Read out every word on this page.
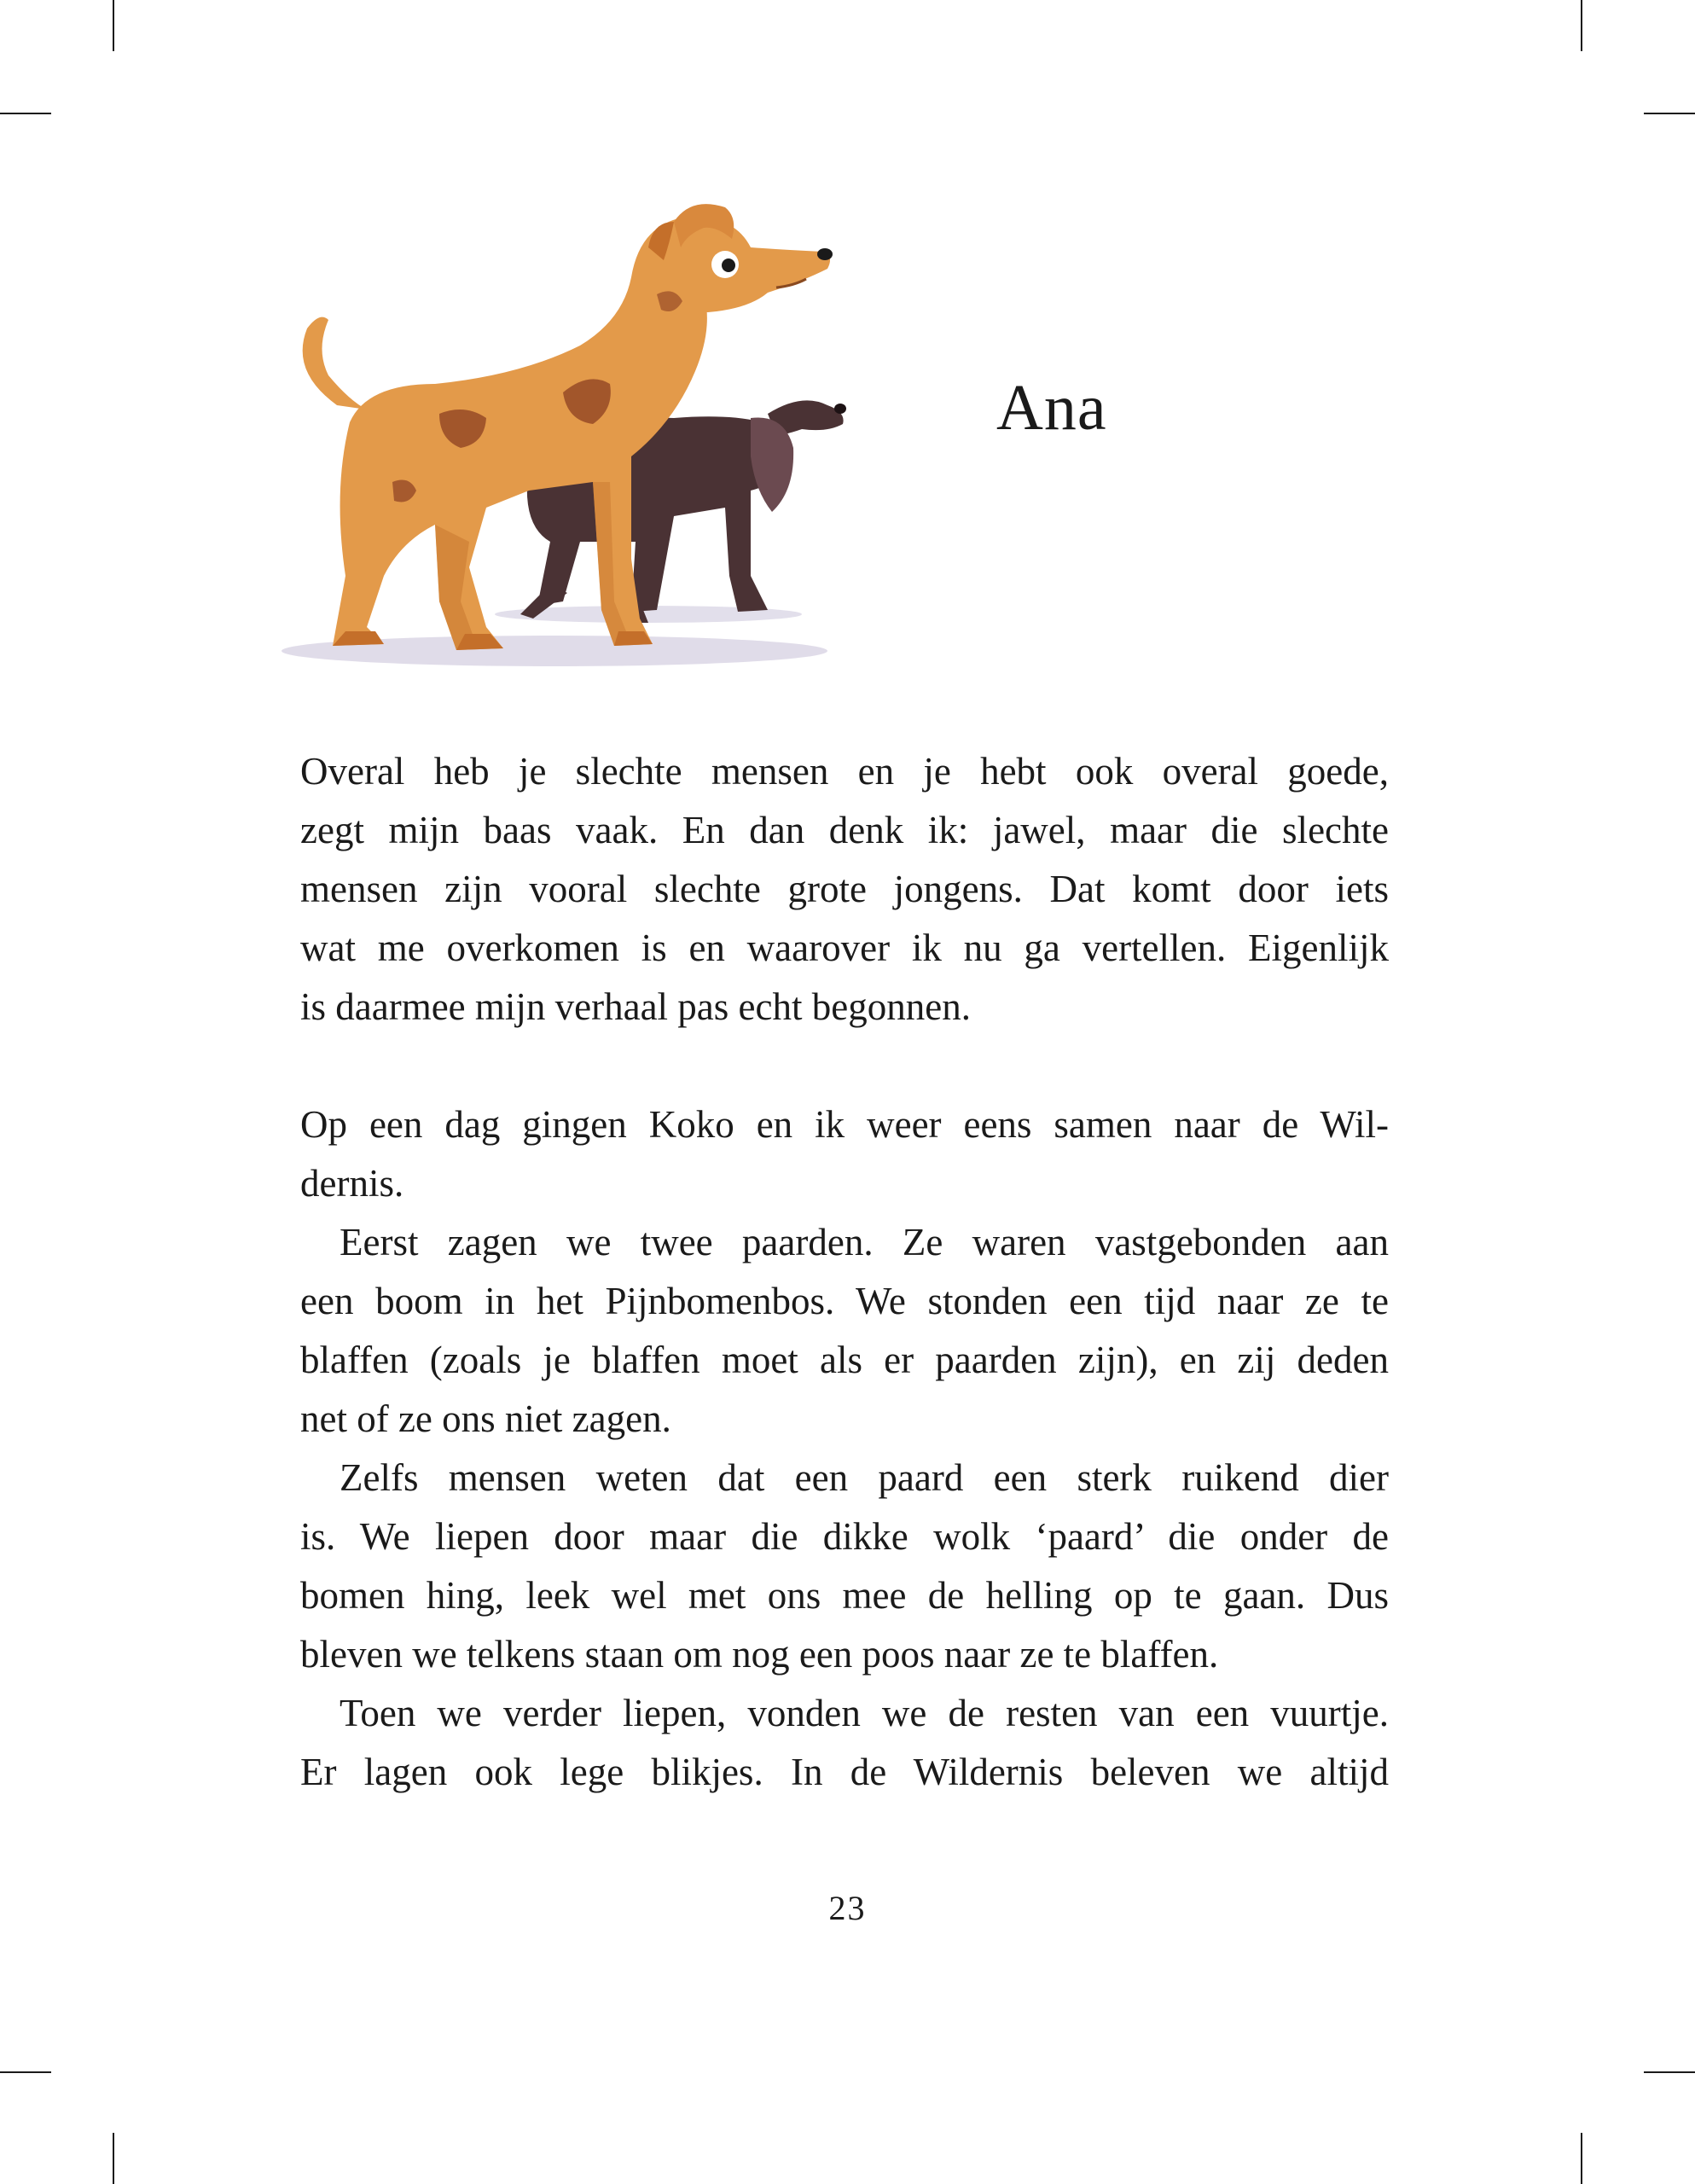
Ana

Overal heb je slechte mensen en je hebt ook overal goede,

zegt mijn baas vaak. En dan denk ik: jawel, maar die slechte

mensen zijn vooral slechte grote jongens. Dat komt door iets

wat me overkomen is en waarover ik nu ga vertellen. Eigenlijk

is daarmee mijn verhaal pas echt begonnen.

Op een dag gingen Koko en ik weer eens samen naar de Wil-

dernis.

Eerst zagen we twee paarden. Ze waren vastgebonden aan

een boom in het Pijnbomenbos. We stonden een tijd naar ze te

blaffen (zoals je blaffen moet als er paarden zijn), en zij deden

net of ze ons niet zagen.

Zelfs mensen weten dat een paard een sterk ruikend dier

is. We liepen door maar die dikke wolk ‘paard’ die onder de

bomen hing, leek wel met ons mee de helling op te gaan. Dus

bleven we telkens staan om nog een poos naar ze te blaffen.

Toen we verder liepen, vonden we de resten van een vuurtje.

Er lagen ook lege blikjes. In de Wildernis beleven we altijd

23
